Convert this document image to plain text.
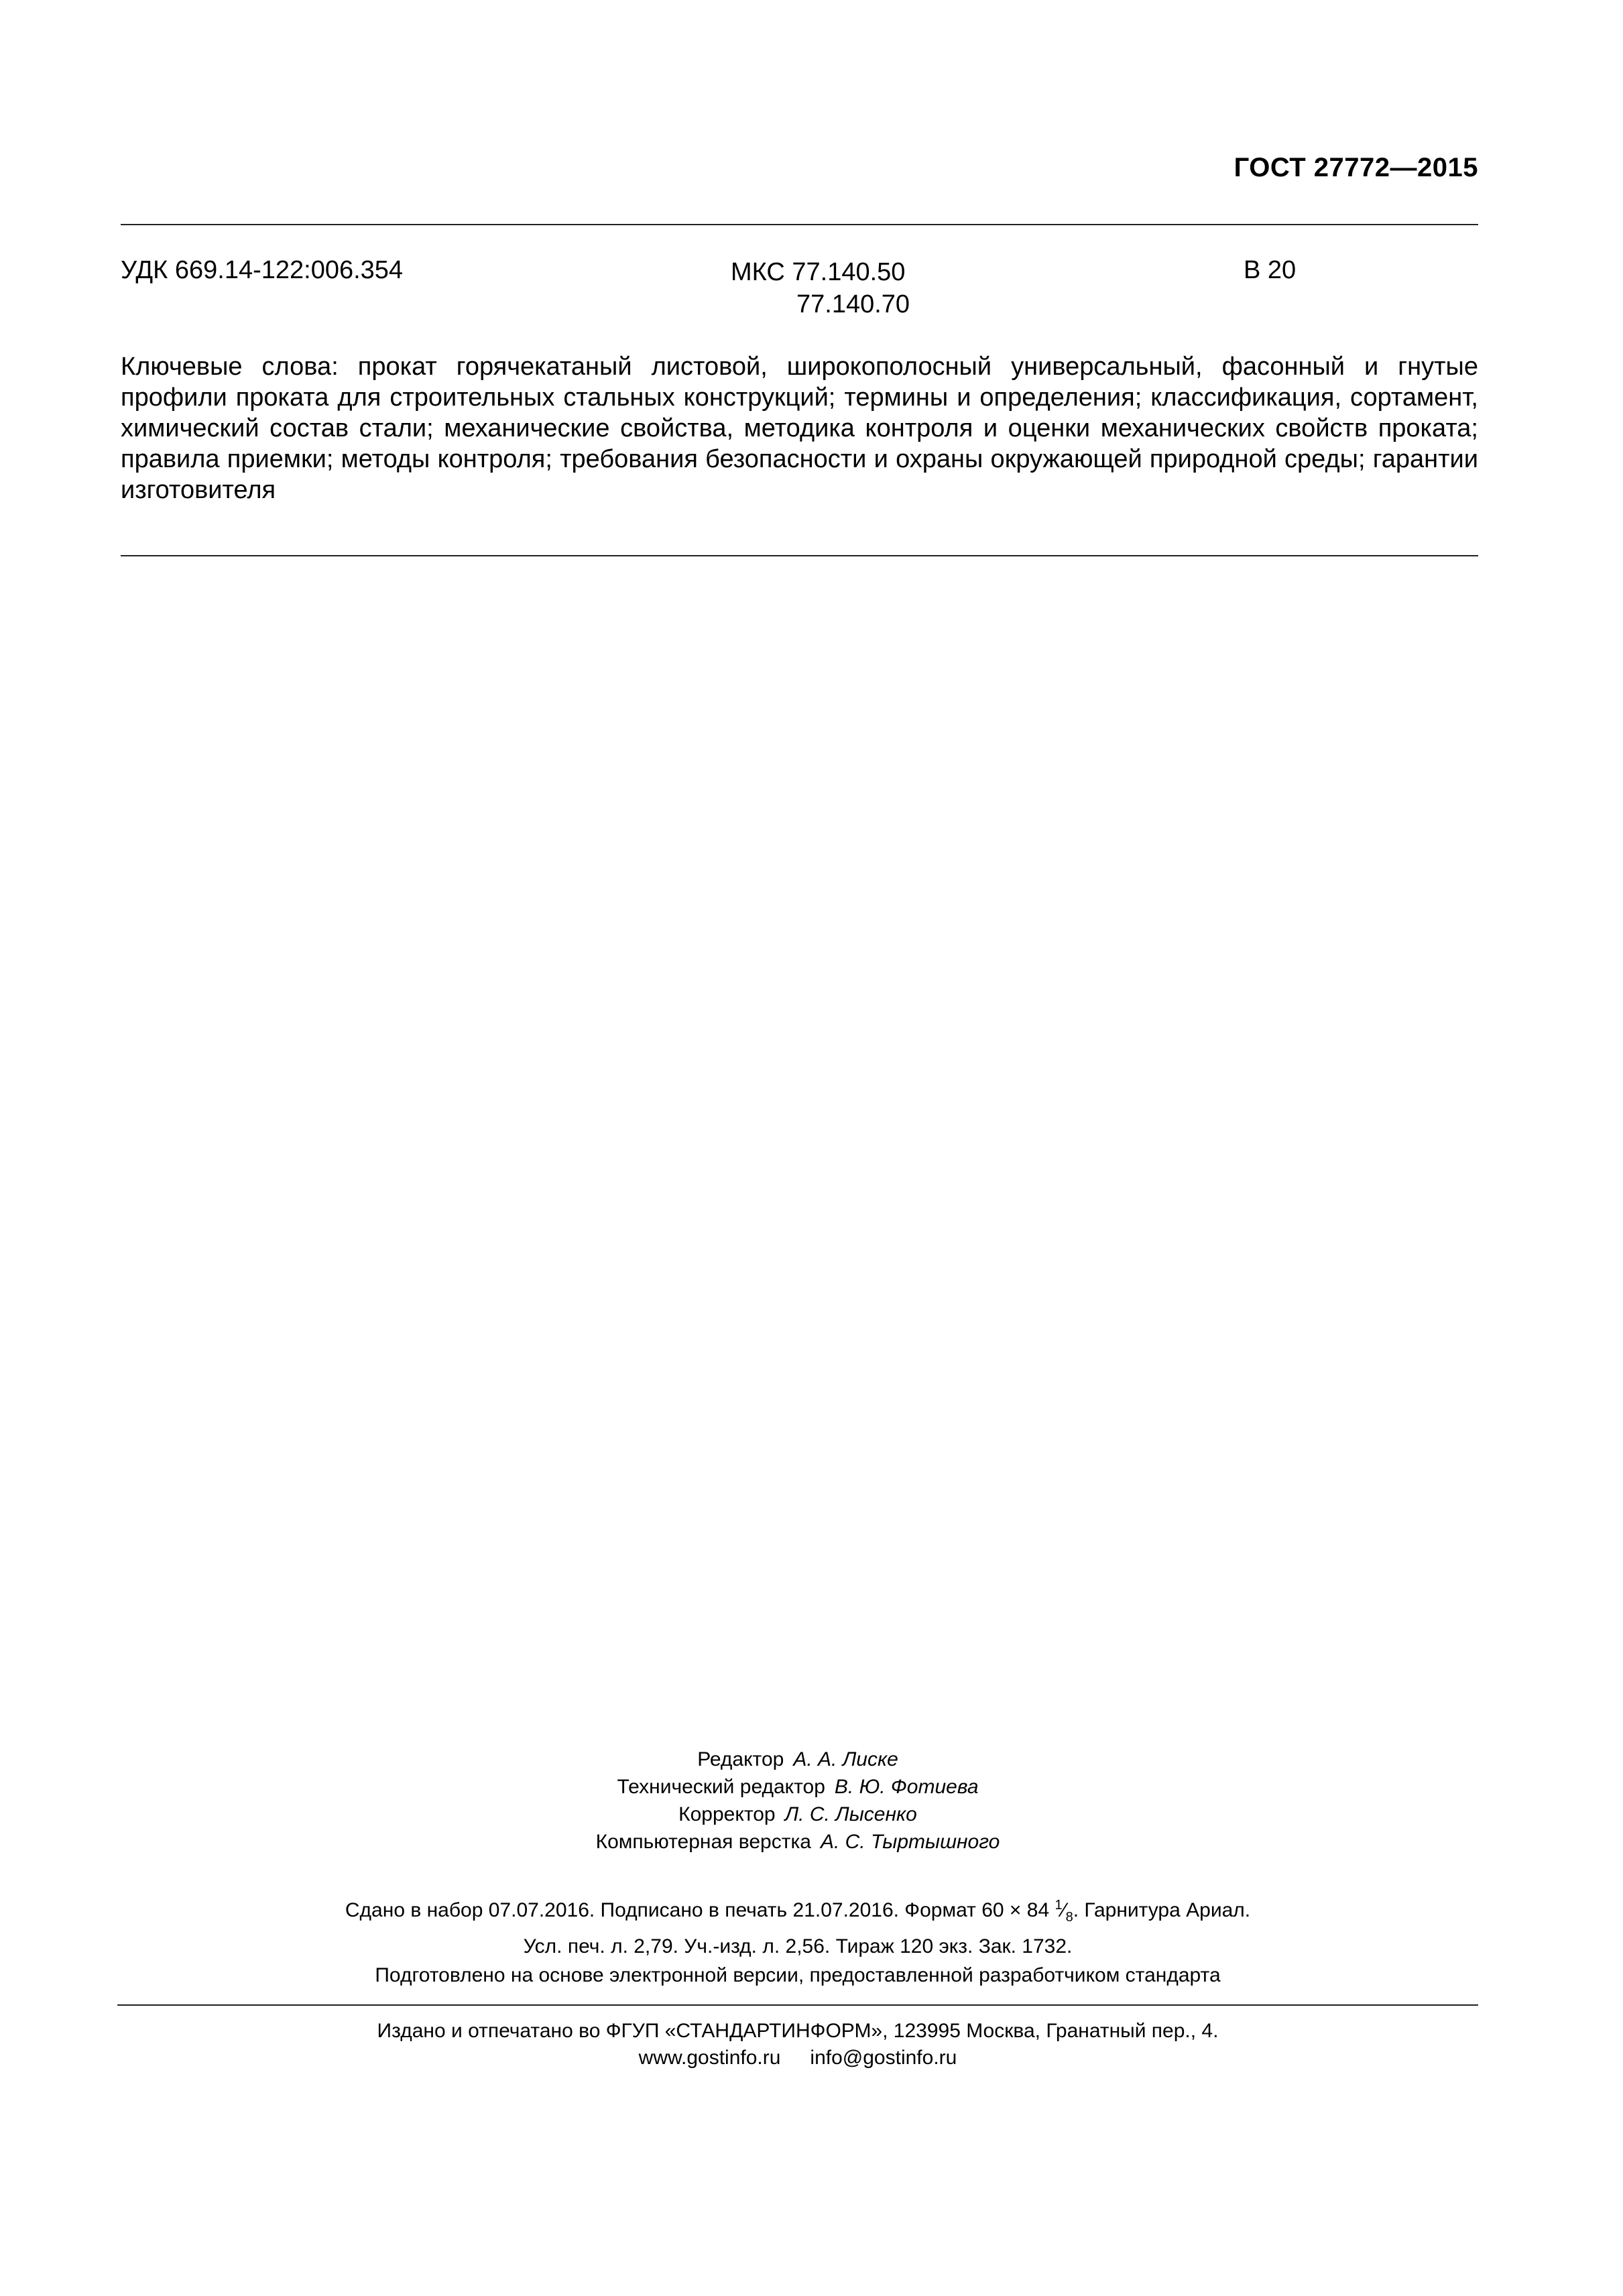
ГОСТ 27772—2015
УДК 669.14-122:006.354	МКС 77.140.50
77.140.70
В 20
Ключевые слова: прокат горячекатаный листовой, широкополосный универсальный, фасонный и гнутые профили проката для строительных стальных конструкций; термины и определения; классификация, сортамент, химический состав стали; механические свойства, методика контроля и оценки механических свойств проката; правила приемки; методы контроля; требования безопасности и охраны окружающей природной среды; гарантии изготовителя
Редактор А. А. Лиске
Технический редактор В. Ю. Фотиева
Корректор Л. С. Лысенко
Компьютерная верстка А. С. Тыртышного
Сдано в набор 07.07.2016. Подписано в печать 21.07.2016. Формат 60 × 84 $^1⁄_8$. Гарнитура Ариал.
Усл. печ. л. 2,79. Уч.-изд. л. 2,56. Тираж 120 экз. Зак. 1732.
Подготовлено на основе электронной версии, предоставленной разработчиком стандарта
Издано и отпечатано во ФГУП «СТАНДАРТИНФОРМ», 123995 Москва, Гранатный пер., 4.
www.gostinfo.ru info@gostinfo.ru
